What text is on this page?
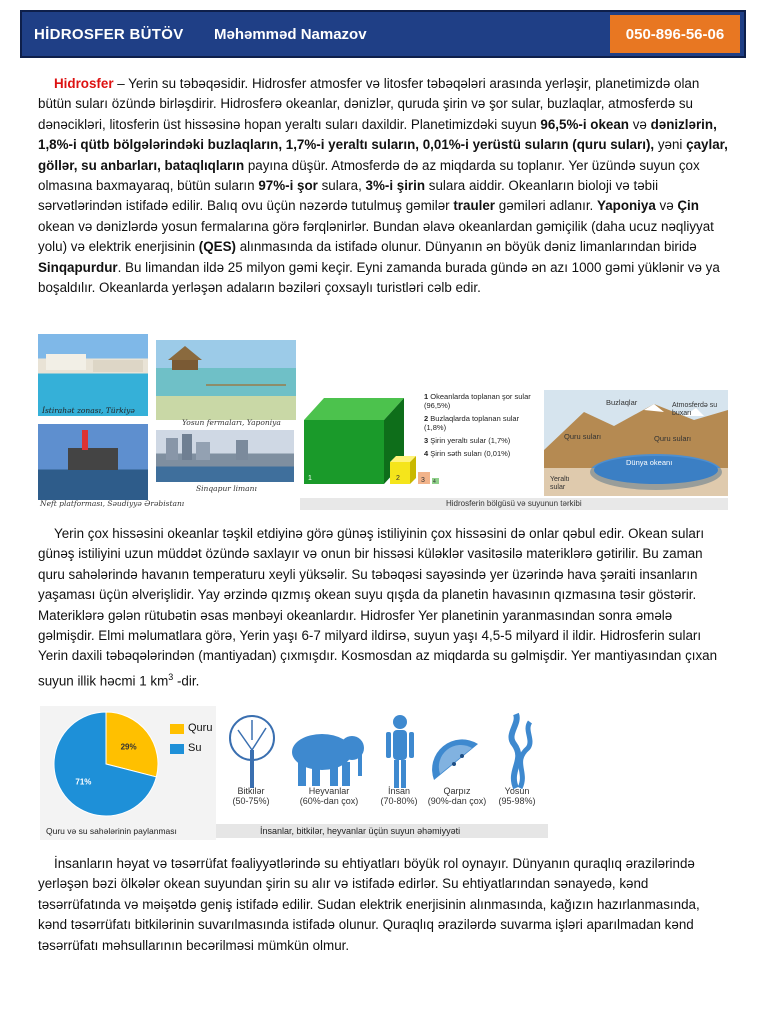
HİDROSFER BÜTÖV Məhəmməd Namazov	050-896-56-06

Hidrosfer – Yerin su təbəqəsidir. Hidrosfer atmosfer və litosfer təbəqələri arasında yerləşir, planetimizdə olan bütün suları özündə birləşdirir. Hidrosferə okeanlar, dənizlər, quruda şirin və şor sular, buzlaqlar, atmosferdə su dənəcikləri, litosferin üst hissəsinə hopan yeraltı suları daxildir. Planetimizdəki suyun 96,5%-i okean və dənizlərin, 1,8%-i qütb bölgələrindəki buzlaqların, 1,7%-i yeraltı suların, 0,01%-i yerüstü suların (quru suları), yəni çaylar, göllər, su anbarları, bataqlıqların payına düşür. Atmosferdə də az miqdarda su toplanır. Yer üzündə suyun çox olmasına baxmayaraq, bütün suların 97%-i şor sulara, 3%-i şirin sulara aiddir. Okeanların bioloji və təbii sərvətlərindən istifadə edilir. Balıq ovu üçün nəzərdə tutulmuş gəmilər trauler gəmiləri adlanır. Yaponiya və Çin okean və dənizlərdə yosun fermalarına görə fərqlənirlər. Bundan əlavə okeanlardan gəmiçilik (daha ucuz nəqliyyat yolu) və elektrik enerjisinin (QES) alınmasında da istifadə olunur. Dünyanın ən böyük dəniz limanlarından biridə Sinqapurdur. Bu limandan ildə 25 milyon gəmi keçir. Eyni zamanda burada gündə ən azı 1000 gəmi yüklənir və ya boşaldılır. Okeanlarda yerləşən adaların bəziləri çoxsaylı turistləri cəlb edir.

İstirahət zonası, Türkiyə
Yosun fermaları, Yaponiya
Neft platforması, Səudiyyə Ərəbistanı
Sinqapur limanı
1	2	3 4
1 Okeanlarda toplanan şor sular (96,5%)
2 Buzlaqlarda toplanan sular (1,8%)
3 Şirin yeraltı sular (1,7%)
4 Şirin səth suları (0,01%)
Buzlaqlar	Atmosferdə su buxarı
Quru suları	Quru suları
Dünya okeanı
Yeraltı sular
Hidrosferin bölgüsü və suyunun tərkibi

Yerin çox hissəsini okeanlar təşkil etdiyinə görə günəş istiliyinin çox hissəsini də onlar qəbul edir. Okean suları günəş istiliyini uzun müddət özündə saxlayır və onun bir hissəsi küləklər vasitəsilə materiklərə gətirilir. Bu zaman quru sahələrində havanın temperaturu xeyli yüksəlir. Su təbəqəsi sayəsində yer üzərində hava şəraiti insanların yaşaması üçün əlverişlidir. Yay ərzində qızmış okean suyu qışda da planetin havasının qızmasına təsir göstərir. Materiklərə gələn rütubətin əsas mənbəyi okeanlardır. Hidrosfer Yer planetinin yaranmasından sonra əmələ gəlmişdir. Elmi məlumatlara görə, Yerin yaşı 6-7 milyard ildirsə, suyun yaşı 4,5-5 milyard il ildir. Hidrosferin suları Yerin daxili təbəqələrindən (mantiyadan) çıxmışdır. Kosmosdan az miqdarda su gəlmişdir. Yer mantiyasından çıxan suyun illik həcmi 1 $km^3$ -dir.

29%
71%
Quru
Su
Quru və su sahələrinin paylanması
Bitkilər
(50-75%)
Heyvanlar
(60%-dan çox)
İnsan
(70-80%)
Qarpız
(90%-dan çox)
Yosun
(95-98%)
İnsanlar, bitkilər, heyvanlar üçün suyun əhəmiyyəti

İnsanların həyat və təsərrüfat fəaliyyətlərində su ehtiyatları böyük rol oynayır. Dünyanın quraqlıq ərazilərində yerləşən bəzi ölkələr okean suyundan şirin su alır və istifadə edirlər. Su ehtiyatlarından sənayedə, kənd təsərrüfatında və məişətdə geniş istifadə edilir. Sudan elektrik enerjisinin alınmasında, kağızın hazırlanmasında, kənd təsərrüfatı bitkilərinin suvarılmasında istifadə olunur. Quraqlıq ərazilərdə suvarma işləri aparılmadan kənd təsərrüfatı məhsullarının becərilməsi mümkün olmur.
